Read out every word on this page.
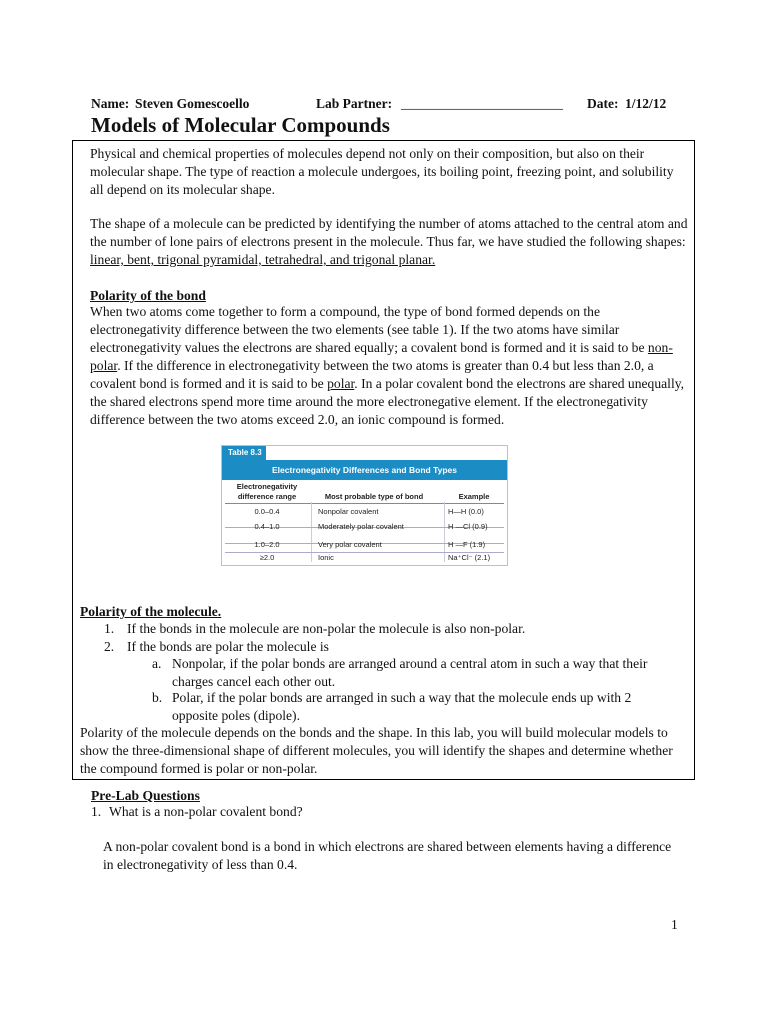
Name: Steven Gomescoello	Lab Partner: ________________________ Date: 1/12/12
Models of Molecular Compounds
Physical and chemical properties of molecules depend not only on their composition, but also on their molecular shape. The type of reaction a molecule undergoes, its boiling point, freezing point, and solubility all depend on its molecular shape.
The shape of a molecule can be predicted by identifying the number of atoms attached to the central atom and the number of lone pairs of electrons present in the molecule. Thus far, we have studied the following shapes: linear, bent, trigonal pyramidal, tetrahedral, and trigonal planar.
Polarity of the bond
When two atoms come together to form a compound, the type of bond formed depends on the electronegativity difference between the two elements (see table 1). If the two atoms have similar electronegativity values the electrons are shared equally; a covalent bond is formed and it is said to be non-polar. If the difference in electronegativity between the two atoms is greater than 0.4 but less than 2.0, a covalent bond is formed and it is said to be polar. In a polar covalent bond the electrons are shared unequally, the shared electrons spend more time around the more electronegative element. If the electronegativity difference between the two atoms exceed 2.0, an ionic compound is formed.
Table 8.3
Electronegativity Differences and Bond Types
Electronegativity difference range	Most probable type of bond	Example
0.0–0.4	Nonpolar covalent	H—H (0.0)
0.4–1.0	Moderately polar covalent	H —Cl (0.9)
1.0–2.0	Very polar covalent	H —F (1.9)
≥2.0	Ionic	Na⁺Cl⁻ (2.1)
Polarity of the molecule.
1. If the bonds in the molecule are non-polar the molecule is also non-polar.
2. If the bonds are polar the molecule is
a. Nonpolar, if the polar bonds are arranged around a central atom in such a way that their charges cancel each other out.
b. Polar, if the polar bonds are arranged in such a way that the molecule ends up with 2 opposite poles (dipole).
Polarity of the molecule depends on the bonds and the shape. In this lab, you will build molecular models to show the three-dimensional shape of different molecules, you will identify the shapes and determine whether the compound formed is polar or non-polar.
Pre-Lab Questions
1. What is a non-polar covalent bond?
A non-polar covalent bond is a bond in which electrons are shared between elements having a difference in electronegativity of less than 0.4.
1
